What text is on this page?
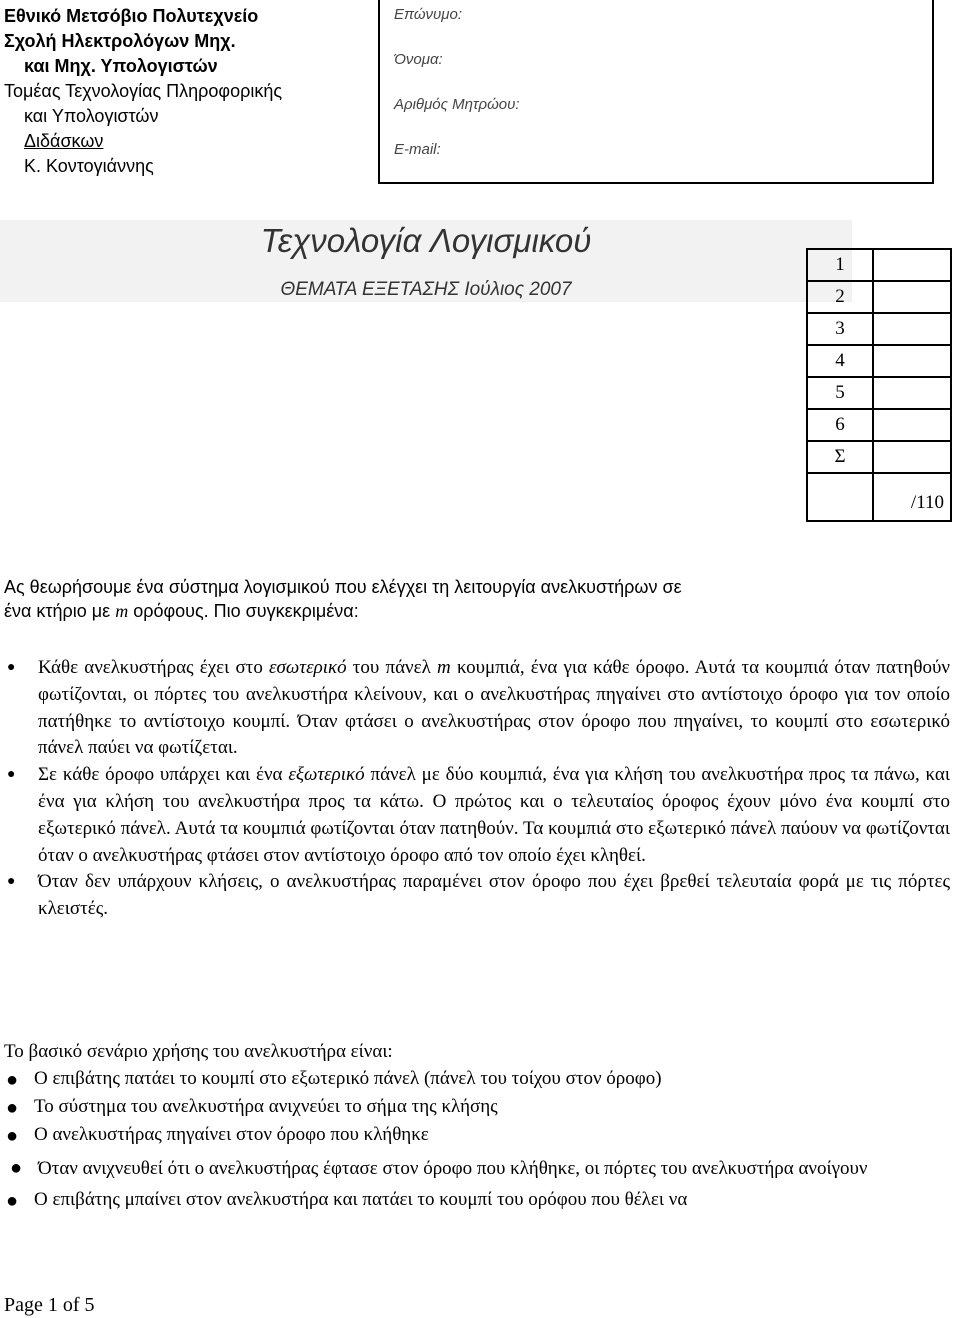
Εθνικό Μετσόβιο Πολυτεχνείο
Σχολή Ηλεκτρολόγων Μηχ.
και Μηχ. Υπολογιστών
Τομέας Τεχνολογίας Πληροφορικής
και Υπολογιστών
Διδάσκων
Κ. Κοντογιάννης
Επώνυμο:
Όνομα:
Αριθμός Μητρώου:
E-mail:
Τεχνολογία Λογισμικού
ΘΕΜΑΤΑ ΕΞΕΤΑΣΗΣ Ιούλιος 2007
1	
2	
3	
4	
5	
6	
Σ	
	/110
Ας θεωρήσουμε ένα σύστημα λογισμικού που ελέγχει τη λειτουργία ανελκυστήρων σε
ένα κτήριο με m ορόφους. Πιο συγκεκριμένα:
● Κάθε ανελκυστήρας έχει στο εσωτερικό του πάνελ m κουμπιά, ένα για κάθε όροφο. Αυτά τα κουμπιά όταν πατηθούν φωτίζονται, οι πόρτες του ανελκυστήρα κλείνουν, και ο ανελκυστήρας πηγαίνει στο αντίστοιχο όροφο για τον οποίο πατήθηκε το αντίστοιχο κουμπί. Όταν φτάσει ο ανελκυστήρας στον όροφο που πηγαίνει, το κουμπί στο εσωτερικό πάνελ παύει να φωτίζεται.
● Σε κάθε όροφο υπάρχει και ένα εξωτερικό πάνελ με δύο κουμπιά, ένα για κλήση του ανελκυστήρα προς τα πάνω, και ένα για κλήση του ανελκυστήρα προς τα κάτω. Ο πρώτος και ο τελευταίος όροφος έχουν μόνο ένα κουμπί στο εξωτερικό πάνελ. Αυτά τα κουμπιά φωτίζονται όταν πατηθούν. Τα κουμπιά στο εξωτερικό πάνελ παύουν να φωτίζονται όταν ο ανελκυστήρας φτάσει στον αντίστοιχο όροφο από τον οποίο έχει κληθεί.
● Όταν δεν υπάρχουν κλήσεις, ο ανελκυστήρας παραμένει στον όροφο που έχει βρεθεί τελευταία φορά με τις πόρτες κλειστές.
Το βασικό σενάριο χρήσης του ανελκυστήρα είναι:
● Ο επιβάτης πατάει το κουμπί στο εξωτερικό πάνελ (πάνελ του τοίχου στον όροφο)
● Το σύστημα του ανελκυστήρα ανιχνεύει το σήμα της κλήσης
● Ο ανελκυστήρας πηγαίνει στον όροφο που κλήθηκε
● Όταν ανιχνευθεί ότι ο ανελκυστήρας έφτασε στον όροφο που κλήθηκε, οι πόρτες του ανελκυστήρα ανοίγουν
● Ο επιβάτης μπαίνει στον ανελκυστήρα και πατάει το κουμπί του ορόφου που θέλει να
Page 1 of 5
